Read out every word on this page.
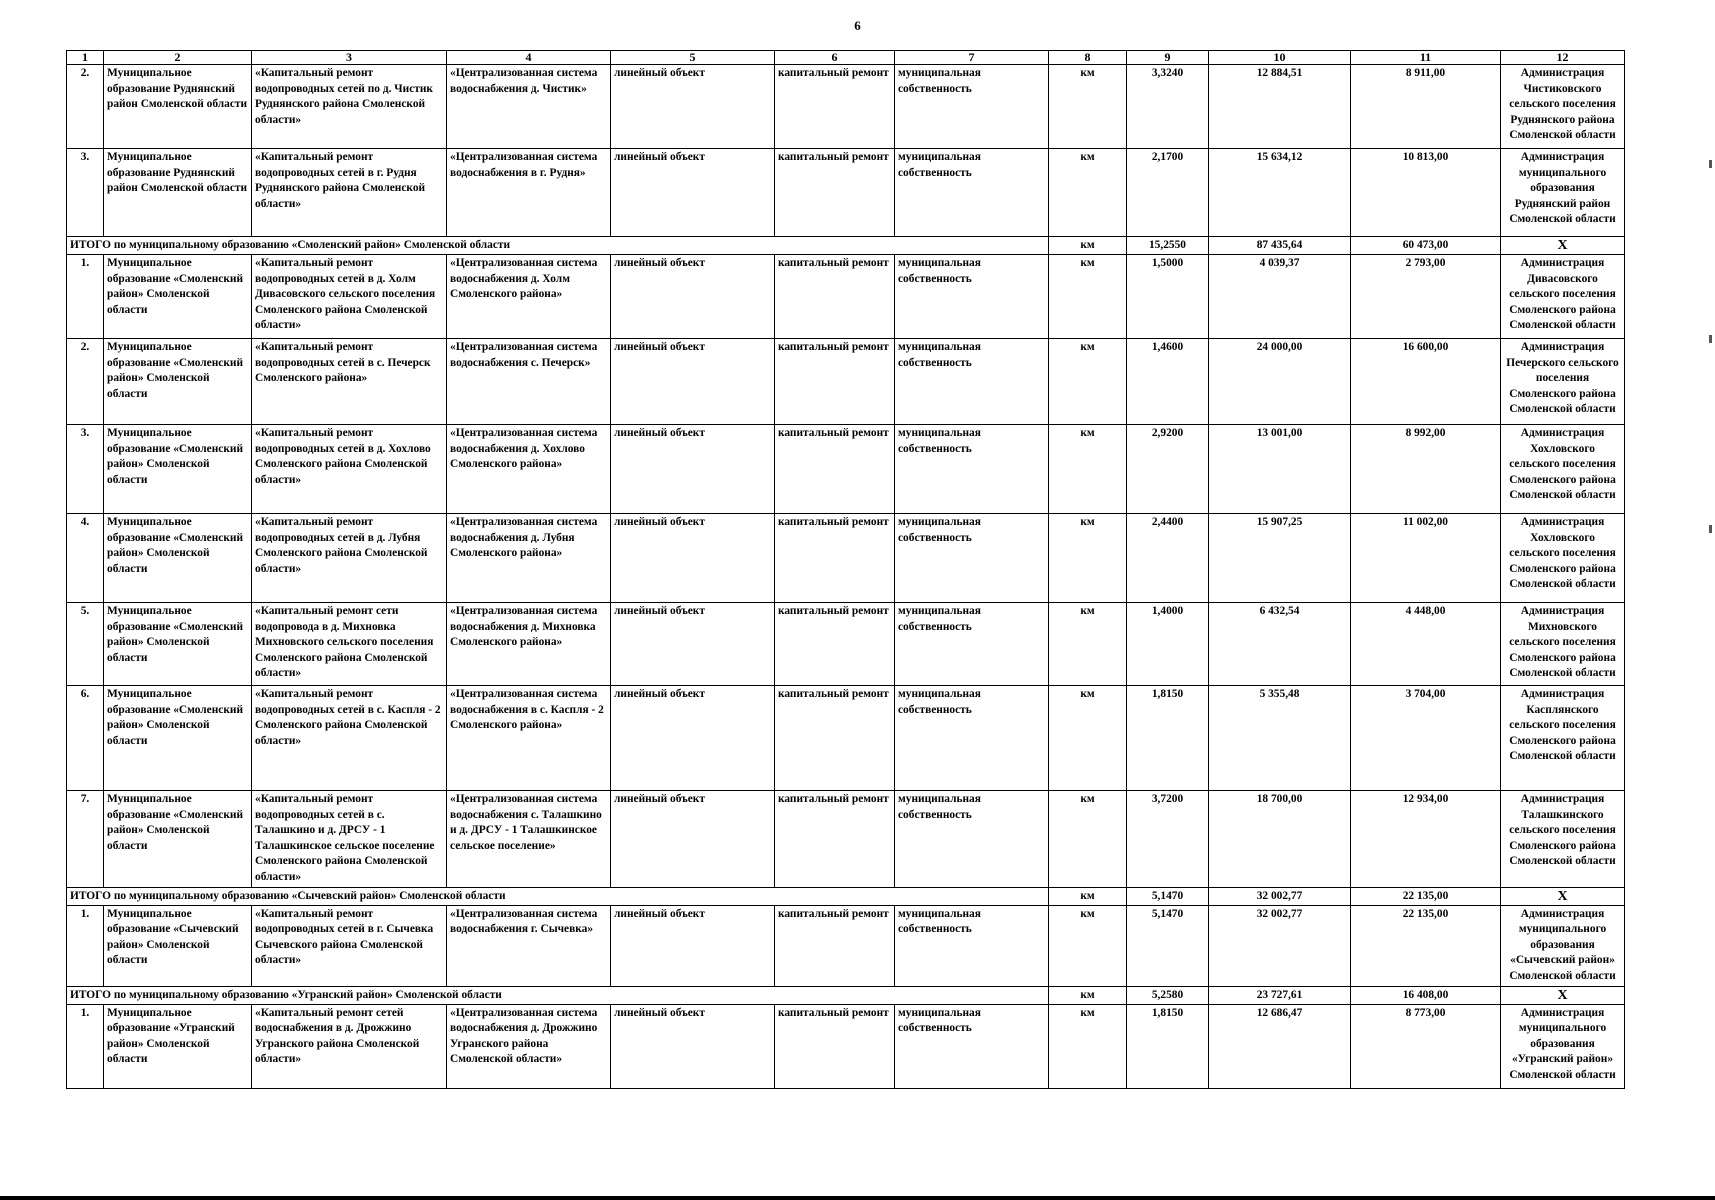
6
1	2	3	4	5	6	7	8	9	10	11	12
2.	Муниципальное образование Руднянский район Смоленской области	«Капитальный ремонт водопроводных сетей по д. Чистик Руднянского района Смоленской области»	«Централизованная система водоснабжения д. Чистик»	линейный объект	капитальный ремонт	муниципальная собственность	км	3,3240	12 884,51	8 911,00	Администрация Чистиковского сельского поселения Руднянского района Смоленской области
3.	Муниципальное образование Руднянский район Смоленской области	«Капитальный ремонт водопроводных сетей в г. Рудня Руднянского района Смоленской области»	«Централизованная система водоснабжения в г. Рудня»	линейный объект	капитальный ремонт	муниципальная собственность	км	2,1700	15 634,12	10 813,00	Администрация муниципального образования Руднянский район Смоленской области
ИТОГО по муниципальному образованию «Смоленский район» Смоленской области							км	15,2550	87 435,64	60 473,00	Х
1.	Муниципальное образование «Смоленский район» Смоленской области	«Капитальный ремонт водопроводных сетей в д. Холм Дивасовского сельского поселения Смоленского района Смоленской области»	«Централизованная система водоснабжения д. Холм Смоленского района»	линейный объект	капитальный ремонт	муниципальная собственность	км	1,5000	4 039,37	2 793,00	Администрация Дивасовского сельского поселения Смоленского района Смоленской области
2.	Муниципальное образование «Смоленский район» Смоленской области	«Капитальный ремонт водопроводных сетей в с. Печерск Смоленского района»	«Централизованная система водоснабжения с. Печерск»	линейный объект	капитальный ремонт	муниципальная собственность	км	1,4600	24 000,00	16 600,00	Администрация Печерского сельского поселения Смоленского района Смоленской области
3.	Муниципальное образование «Смоленский район» Смоленской области	«Капитальный ремонт водопроводных сетей в д. Хохлово Смоленского района Смоленской области»	«Централизованная система водоснабжения д. Хохлово Смоленского района»	линейный объект	капитальный ремонт	муниципальная собственность	км	2,9200	13 001,00	8 992,00	Администрация Хохловского сельского поселения Смоленского района Смоленской области
4.	Муниципальное образование «Смоленский район» Смоленской области	«Капитальный ремонт водопроводных сетей в д. Лубня Смоленского района Смоленской области»	«Централизованная система водоснабжения д. Лубня Смоленского района»	линейный объект	капитальный ремонт	муниципальная собственность	км	2,4400	15 907,25	11 002,00	Администрация Хохловского сельского поселения Смоленского района Смоленской области
5.	Муниципальное образование «Смоленский район» Смоленской области	«Капитальный ремонт сети водопровода в д. Михновка Михновского сельского поселения Смоленского района Смоленской области»	«Централизованная система водоснабжения д. Михновка Смоленского района»	линейный объект	капитальный ремонт	муниципальная собственность	км	1,4000	6 432,54	4 448,00	Администрация Михновского сельского поселения Смоленского района Смоленской области
6.	Муниципальное образование «Смоленский район» Смоленской области	«Капитальный ремонт водопроводных сетей в с. Каспля - 2 Смоленского района Смоленской области»	«Централизованная система водоснабжения в с. Каспля - 2 Смоленского района»	линейный объект	капитальный ремонт	муниципальная собственность	км	1,8150	5 355,48	3 704,00	Администрация Касплянского сельского поселения Смоленского района Смоленской области
7.	Муниципальное образование «Смоленский район» Смоленской области	«Капитальный ремонт водопроводных сетей в с. Талашкино и д. ДРСУ - 1 Талашкинское сельское поселение Смоленского района Смоленской области»	«Централизованная система водоснабжения с. Талашкино и д. ДРСУ - 1 Талашкинское сельское поселение»	линейный объект	капитальный ремонт	муниципальная собственность	км	3,7200	18 700,00	12 934,00	Администрация Талашкинского сельского поселения Смоленского района Смоленской области
ИТОГО по муниципальному образованию «Сычевский район» Смоленской области							км	5,1470	32 002,77	22 135,00	Х
1.	Муниципальное образование «Сычевский район» Смоленской области	«Капитальный ремонт водопроводных сетей в г. Сычевка Сычевского района Смоленской области»	«Централизованная система водоснабжения г. Сычевка»	линейный объект	капитальный ремонт	муниципальная собственность	км	5,1470	32 002,77	22 135,00	Администрация муниципального образования «Сычевский район» Смоленской области
ИТОГО по муниципальному образованию «Угранский район» Смоленской области							км	5,2580	23 727,61	16 408,00	Х
1.	Муниципальное образование «Угранский район» Смоленской области	«Капитальный ремонт сетей водоснабжения в д. Дрожжино Угранского района Смоленской области»	«Централизованная система водоснабжения д. Дрожжино Угранского района Смоленской области»	линейный объект	капитальный ремонт	муниципальная собственность	км	1,8150	12 686,47	8 773,00	Администрация муниципального образования «Угранский район» Смоленской области
